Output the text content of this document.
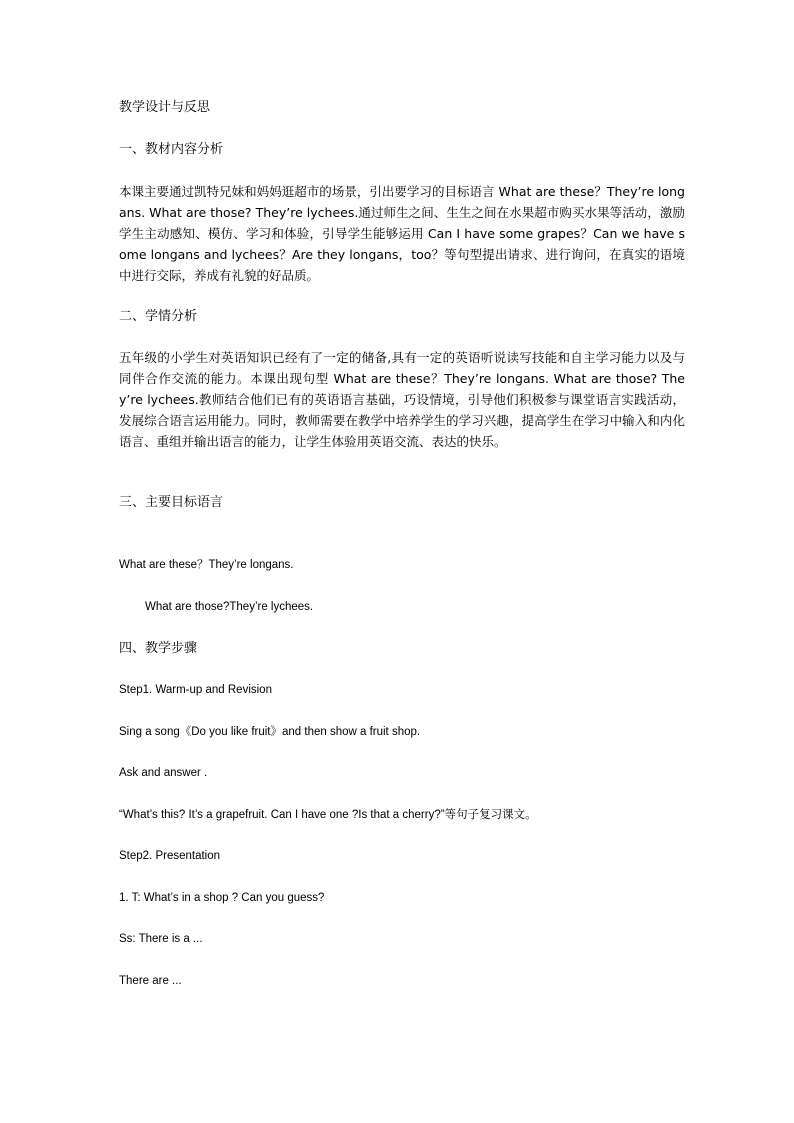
教学设计与反思

一、教材内容分析

本课主要通过凯特兄妹和妈妈逛超市的场景，引出要学习的目标语言 What are these？They’re longans. What are those? They’re lychees.通过师生之间、生生之间在水果超市购买水果等活动，激励学生主动感知、模仿、学习和体验，引导学生能够运用 Can I have some grapes？Can we have some longans and lychees？Are they longans，too？等句型提出请求、进行询问，在真实的语境中进行交际，养成有礼貌的好品质。

二、学情分析

五年级的小学生对英语知识已经有了一定的储备,具有一定的英语听说读写技能和自主学习能力以及与同伴合作交流的能力。本课出现句型 What are these？They’re longans. What are those? They’re lychees.教师结合他们已有的英语语言基础，巧设情境，引导他们积极参与课堂语言实践活动，发展综合语言运用能力。同时，教师需要在教学中培养学生的学习兴趣，提高学生在学习中输入和内化语言、重组并输出语言的能力，让学生体验用英语交流、表达的快乐。

三、主要目标语言

What are these？They’re longans.

What are those?They’re lychees.

四、教学步骤

Step1. Warm-up and Revision

Sing a song《Do you like fruit》and then show a fruit shop.

Ask and answer .

“What’s this? It’s a grapefruit. Can I have one ?Is that a cherry?”等句子复习课文。

Step2. Presentation

1. T: What’s in a shop ? Can you guess?

Ss: There is a ...

There are ...
